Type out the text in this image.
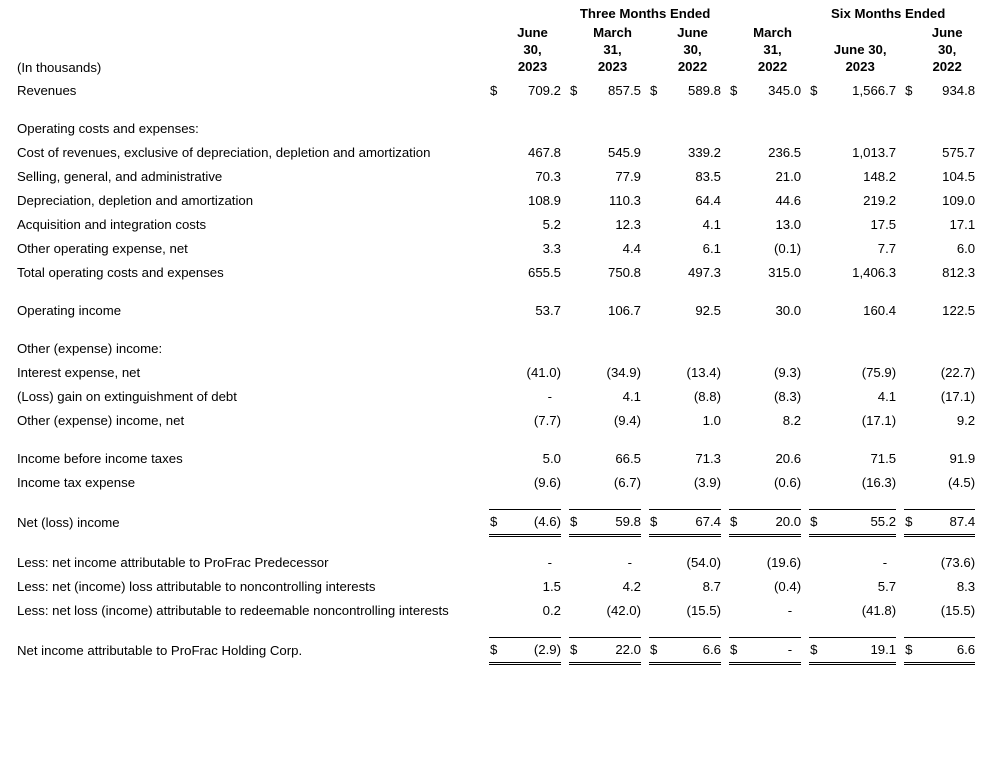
	Three Months Ended											Six Months Ended					
(In thousands)		June
30,
2023			March
31,
2023			June
30,
2022			March
31,
2022			June 30,
2023			June
30,
2022

Revenues	$	709.2		$	857.5		$	589.8		$	345.0		$	1,566.7		$	934.8

Operating costs and expenses:																	
Cost of revenues, exclusive of depreciation, depletion and amortization		467.8			545.9			339.2			236.5			1,013.7			575.7
Selling, general, and administrative		70.3			77.9			83.5			21.0			148.2			104.5
Depreciation, depletion and amortization		108.9			110.3			64.4			44.6			219.2			109.0
Acquisition and integration costs		5.2			12.3			4.1			13.0			17.5			17.1
Other operating expense, net		3.3			4.4			6.1			(0.1)			7.7			6.0
Total operating costs and expenses		655.5			750.8			497.3			315.0			1,406.3			812.3

Operating income		53.7			106.7			92.5			30.0			160.4			122.5

Other (expense) income:																	
Interest expense, net		(41.0)			(34.9)			(13.4)			(9.3)			(75.9)			(22.7)
(Loss) gain on extinguishment of debt		-			4.1			(8.8)			(8.3)			4.1			(17.1)
Other (expense) income, net		(7.7)			(9.4)			1.0			8.2			(17.1)			9.2

Income before income taxes		5.0			66.5			71.3			20.6			71.5			91.9
Income tax expense		(9.6)			(6.7)			(3.9)			(0.6)			(16.3)			(4.5)

Net (loss) income	$	(4.6)		$	59.8		$	67.4		$	20.0		$	55.2		$	87.4

Less: net income attributable to ProFrac Predecessor		-			-			(54.0)			(19.6)			-			(73.6)
Less: net (income) loss attributable to noncontrolling interests		1.5			4.2			8.7			(0.4)			5.7			8.3
Less: net loss (income) attributable to redeemable noncontrolling interests		0.2			(42.0)			(15.5)			-			(41.8)			(15.5)

Net income attributable to ProFrac Holding Corp.	$	(2.9)		$	22.0		$	6.6		$	-		$	19.1		$	6.6
